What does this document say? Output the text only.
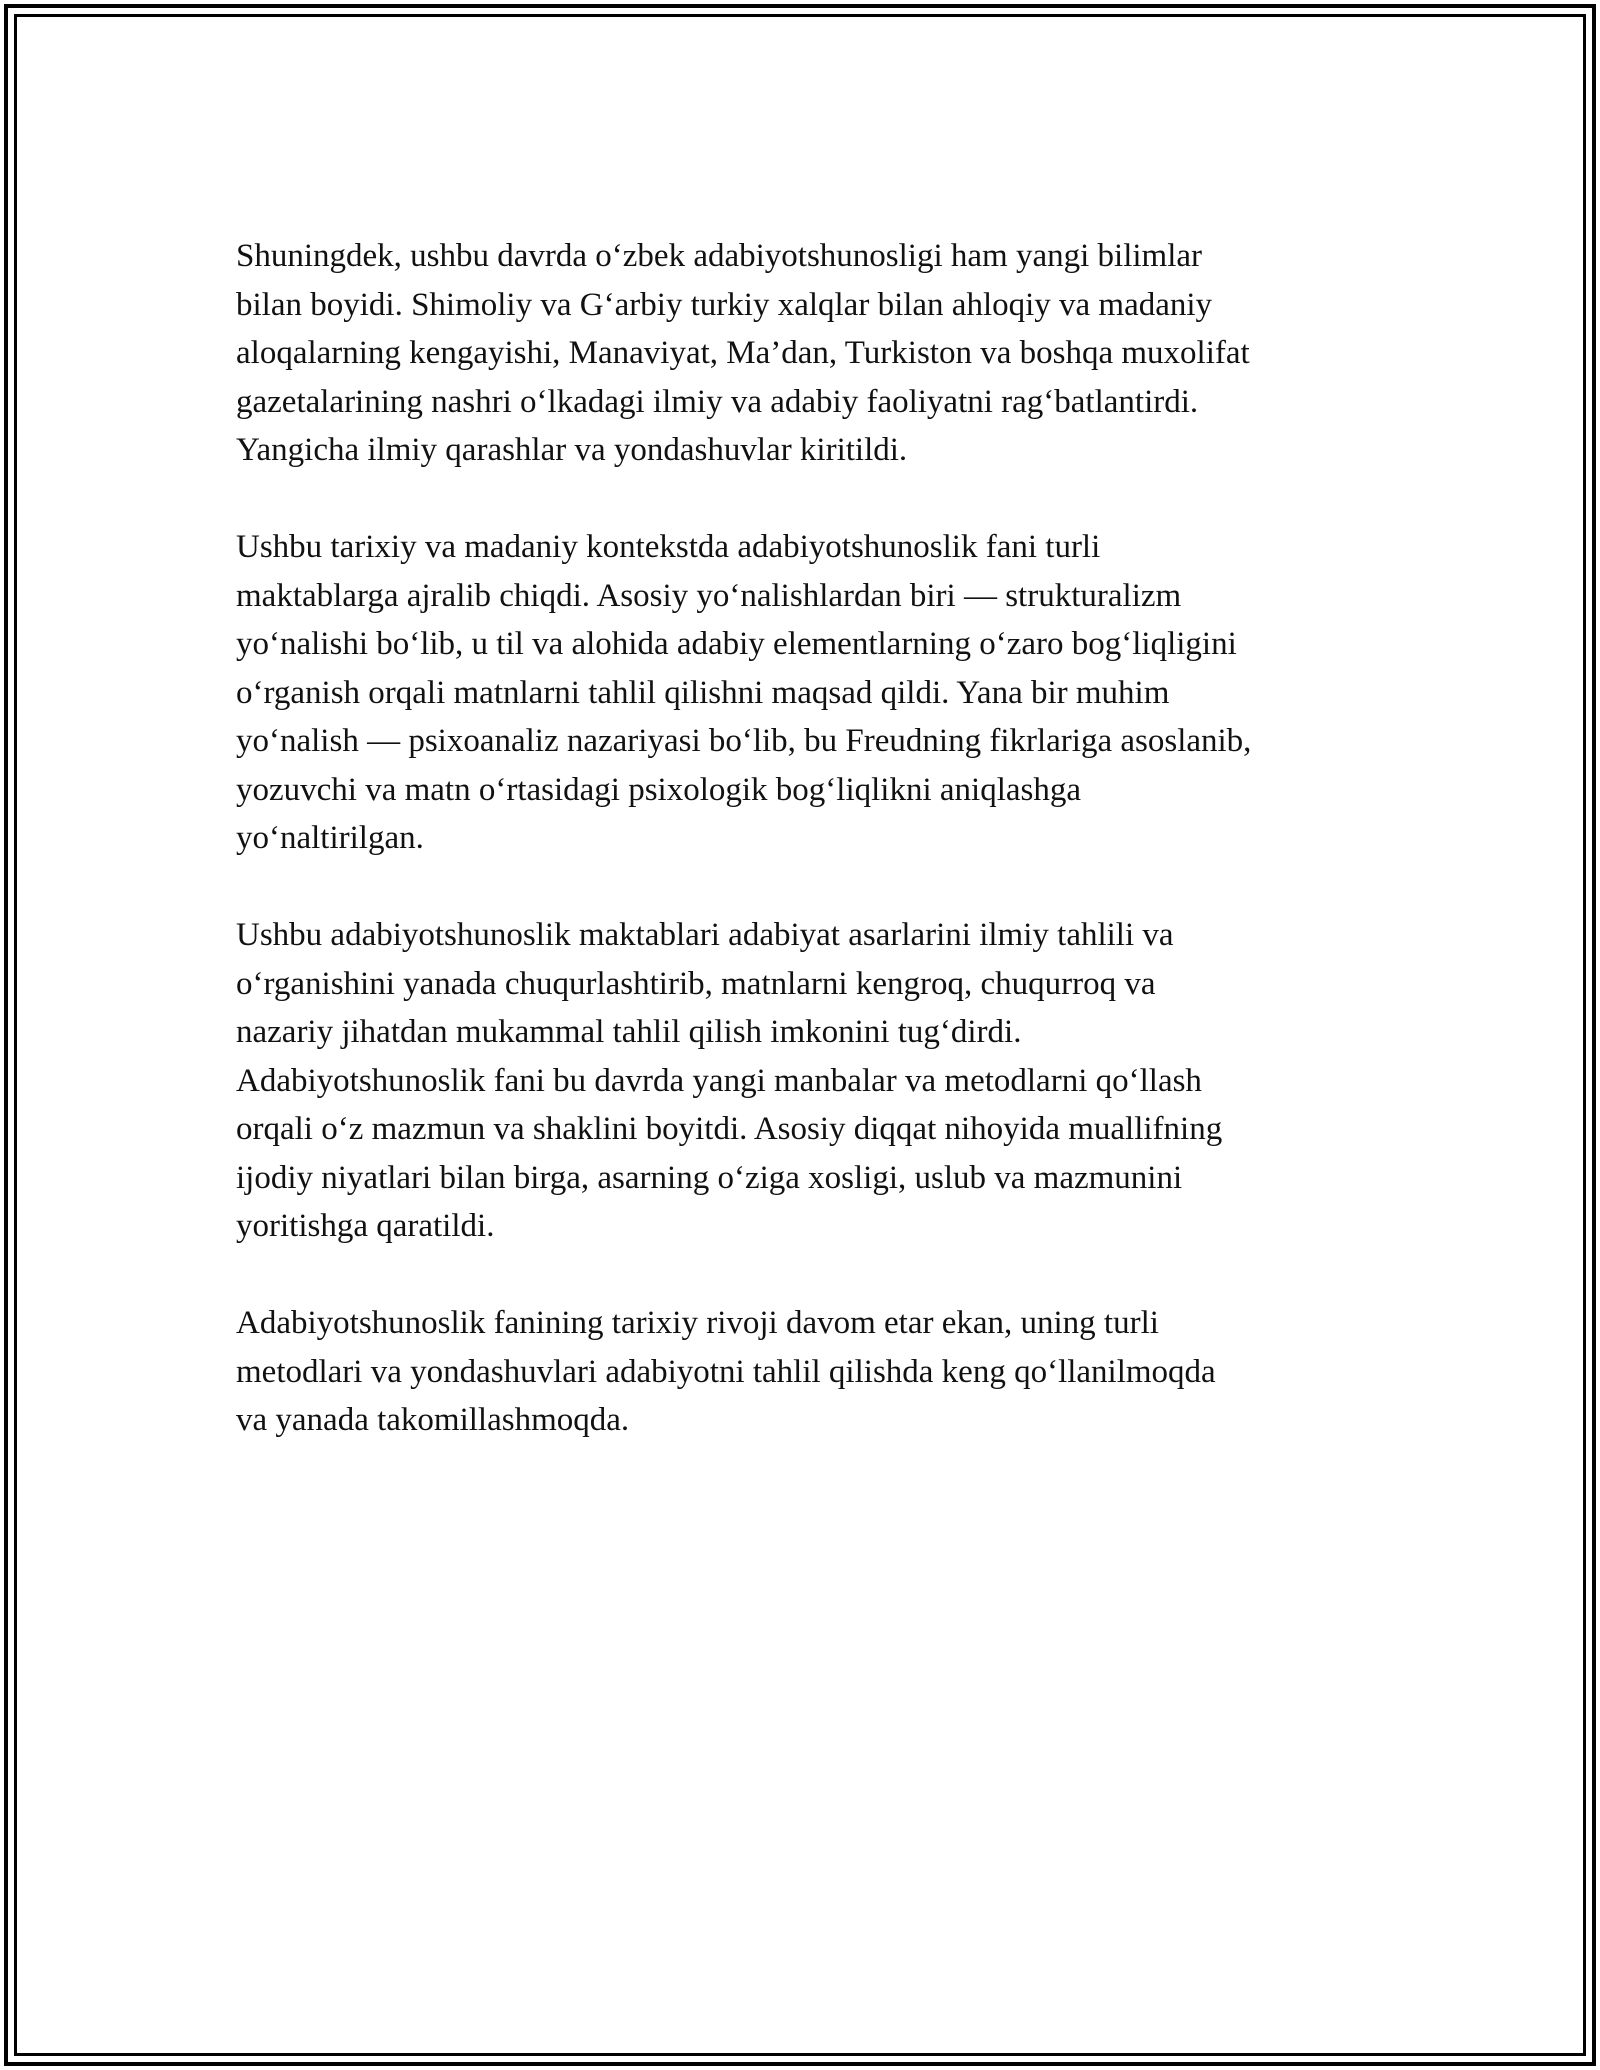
Shuningdek, ushbu davrda o‘zbek adabiyotshunosligi ham yangi bilimlar
bilan boyidi. Shimoliy va G‘arbiy turkiy xalqlar bilan ahloqiy va madaniy
aloqalarning kengayishi, Manaviyat, Ma’dan, Turkiston va boshqa muxolifat
gazetalarining nashri o‘lkadagi ilmiy va adabiy faoliyatni rag‘batlantirdi.
Yangicha ilmiy qarashlar va yondashuvlar kiritildi.

Ushbu tarixiy va madaniy kontekstda adabiyotshunoslik fani turli
maktablarga ajralib chiqdi. Asosiy yo‘nalishlardan biri — strukturalizm
yo‘nalishi bo‘lib, u til va alohida adabiy elementlarning o‘zaro bog‘liqligini
o‘rganish orqali matnlarni tahlil qilishni maqsad qildi. Yana bir muhim
yo‘nalish — psixoanaliz nazariyasi bo‘lib, bu Freudning fikrlariga asoslanib,
yozuvchi va matn o‘rtasidagi psixologik bog‘liqlikni aniqlashga
yo‘naltirilgan.

Ushbu adabiyotshunoslik maktablari adabiyat asarlarini ilmiy tahlili va
o‘rganishini yanada chuqurlashtirib, matnlarni kengroq, chuqurroq va
nazariy jihatdan mukammal tahlil qilish imkonini tug‘dirdi.
Adabiyotshunoslik fani bu davrda yangi manbalar va metodlarni qo‘llash
orqali o‘z mazmun va shaklini boyitdi. Asosiy diqqat nihoyida muallifning
ijodiy niyatlari bilan birga, asarning o‘ziga xosligi, uslub va mazmunini
yoritishga qaratildi.

Adabiyotshunoslik fanining tarixiy rivoji davom etar ekan, uning turli
metodlari va yondashuvlari adabiyotni tahlil qilishda keng qo‘llanilmoqda
va yanada takomillashmoqda.
